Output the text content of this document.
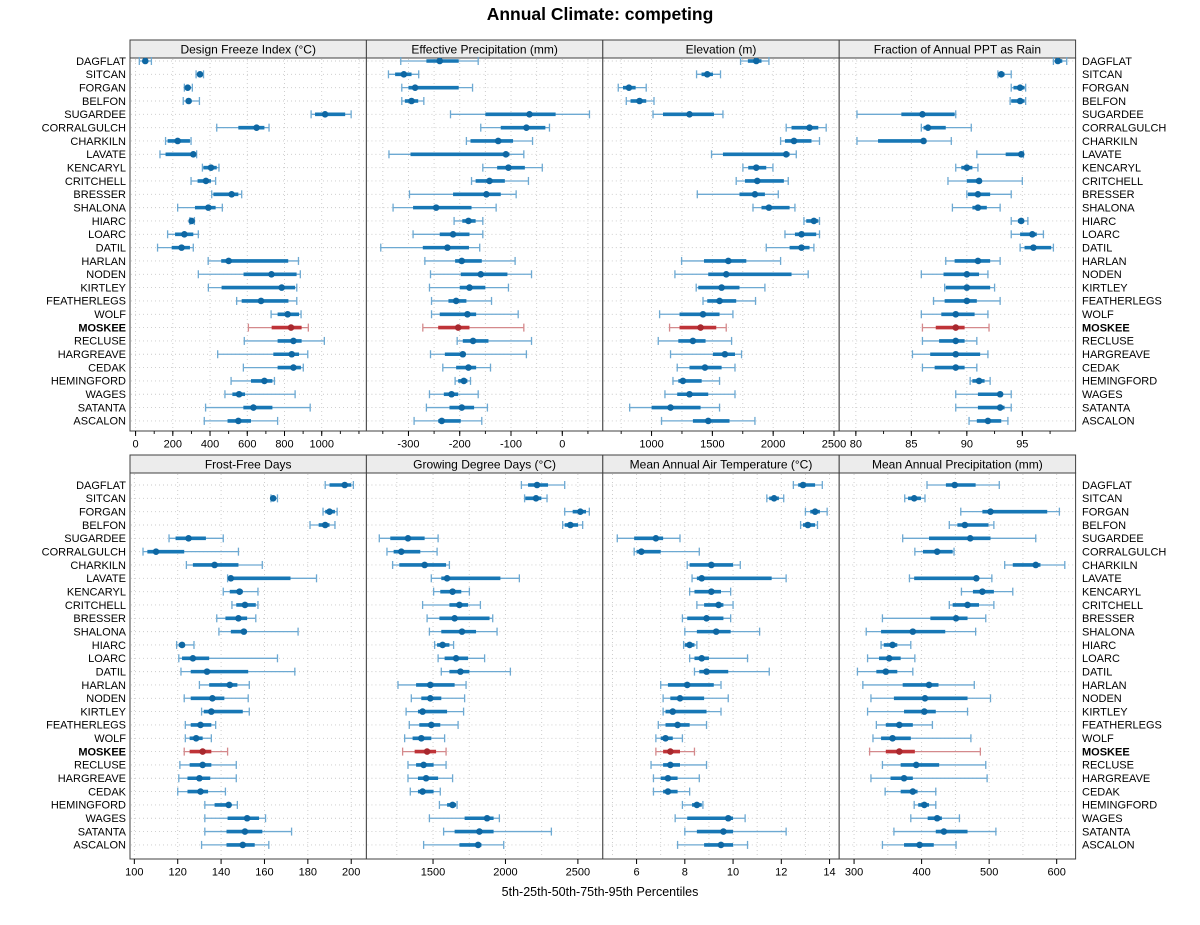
Annual Climate: competing
Design Freeze Index (°C)
0 200 400 600 800 1000
Effective Precipitation (mm)
-300	-200	-100	0
Elevation (m)
1000	1500	2000	2500
Fraction of Annual PPT as Rain
80	85	90	95
Frost-Free Days
100 120 140 160 180 200
Growing Degree Days (°C)
1500	2000	2500
Mean Annual Air Temperature (°C)
6	8	10	12	14
Mean Annual Precipitation (mm)
300	400	500	600
DAGFLAT	DAGFLAT
SITCAN	SITCAN
FORGAN	FORGAN
BELFON	BELFON
SUGARDEE	SUGARDEE
CORRALGULCH	CORRALGULCH
CHARKILN	CHARKILN
LAVATE	LAVATE
KENCARYL	KENCARYL
CRITCHELL	CRITCHELL
BRESSER	BRESSER
SHALONA	SHALONA
HIARC	HIARC
LOARC	LOARC
DATIL	DATIL
HARLAN	HARLAN
NODEN	NODEN
KIRTLEY	KIRTLEY
FEATHERLEGS	FEATHERLEGS
WOLF	WOLF
MOSKEE	MOSKEE
RECLUSE	RECLUSE
HARGREAVE	HARGREAVE
CEDAK	CEDAK
HEMINGFORD	HEMINGFORD
WAGES	WAGES
SATANTA	SATANTA
ASCALON	ASCALON
DAGFLAT	DAGFLAT
SITCAN	SITCAN
FORGAN	FORGAN
BELFON	BELFON
SUGARDEE	SUGARDEE
CORRALGULCH	CORRALGULCH
CHARKILN	CHARKILN
LAVATE	LAVATE
KENCARYL	KENCARYL
CRITCHELL	CRITCHELL
BRESSER	BRESSER
SHALONA	SHALONA
HIARC	HIARC
LOARC	LOARC
DATIL	DATIL
HARLAN	HARLAN
NODEN	NODEN
KIRTLEY	KIRTLEY
FEATHERLEGS	FEATHERLEGS
WOLF	WOLF
MOSKEE	MOSKEE
RECLUSE	RECLUSE
HARGREAVE	HARGREAVE
CEDAK	CEDAK
HEMINGFORD	HEMINGFORD
WAGES	WAGES
SATANTA	SATANTA
ASCALON	ASCALON
5th-25th-50th-75th-95th Percentiles
